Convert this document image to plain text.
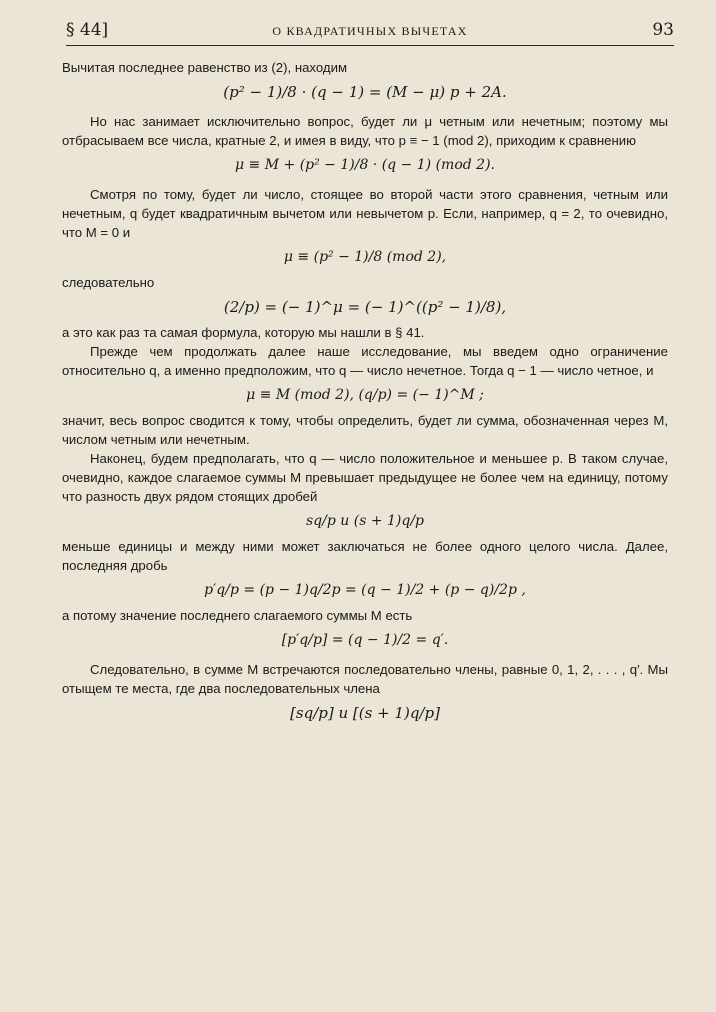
§ 44]	О КВАДРАТИЧНЫХ ВЫЧЕТАХ	93

Вычитая последнее равенство из (2), находим

(p² − 1)/8 · (q − 1) = (M − μ) p + 2A.

Но нас занимает исключительно вопрос, будет ли μ четным или нечетным; поэтому мы отбрасываем все числа, кратные 2, и имея в виду, что p ≡ − 1 (mod 2), приходим к сравнению

μ ≡ M + (p² − 1)/8 · (q − 1) (mod 2).

Смотря по тому, будет ли число, стоящее во второй части этого сравнения, четным или нечетным, q будет квадратичным вычетом или невычетом p. Если, например, q = 2, то очевидно, что M = 0 и

μ ≡ (p² − 1)/8 (mod 2),

следовательно

(2/p) = (− 1)^μ = (− 1)^((p² − 1)/8),

а это как раз та самая формула, которую мы нашли в § 41.

Прежде чем продолжать далее наше исследование, мы введем одно ограничение относительно q, а именно предположим, что q — число нечетное. Тогда q − 1 — число четное, и

μ ≡ M (mod 2), (q/p) = (− 1)^M ;

значит, весь вопрос сводится к тому, чтобы определить, будет ли сумма, обозначенная через M, числом четным или нечетным.

Наконец, будем предполагать, что q — число положительное и меньшее p. В таком случае, очевидно, каждое слагаемое суммы M превышает предыдущее не более чем на единицу, потому что разность двух рядом стоящих дробей

sq/p и (s + 1)q/p

меньше единицы и между ними может заключаться не более одного целого числа. Далее, последняя дробь

p′q/p = (p − 1)q/2p = (q − 1)/2 + (p − q)/2p ,

а потому значение последнего слагаемого суммы M есть

[p′q/p] = (q − 1)/2 = q′.

Следовательно, в сумме M встречаются последовательно члены, равные 0, 1, 2, . . . , q′. Мы отыщем те места, где два последовательных члена

[sq/p] и [(s + 1)q/p]
